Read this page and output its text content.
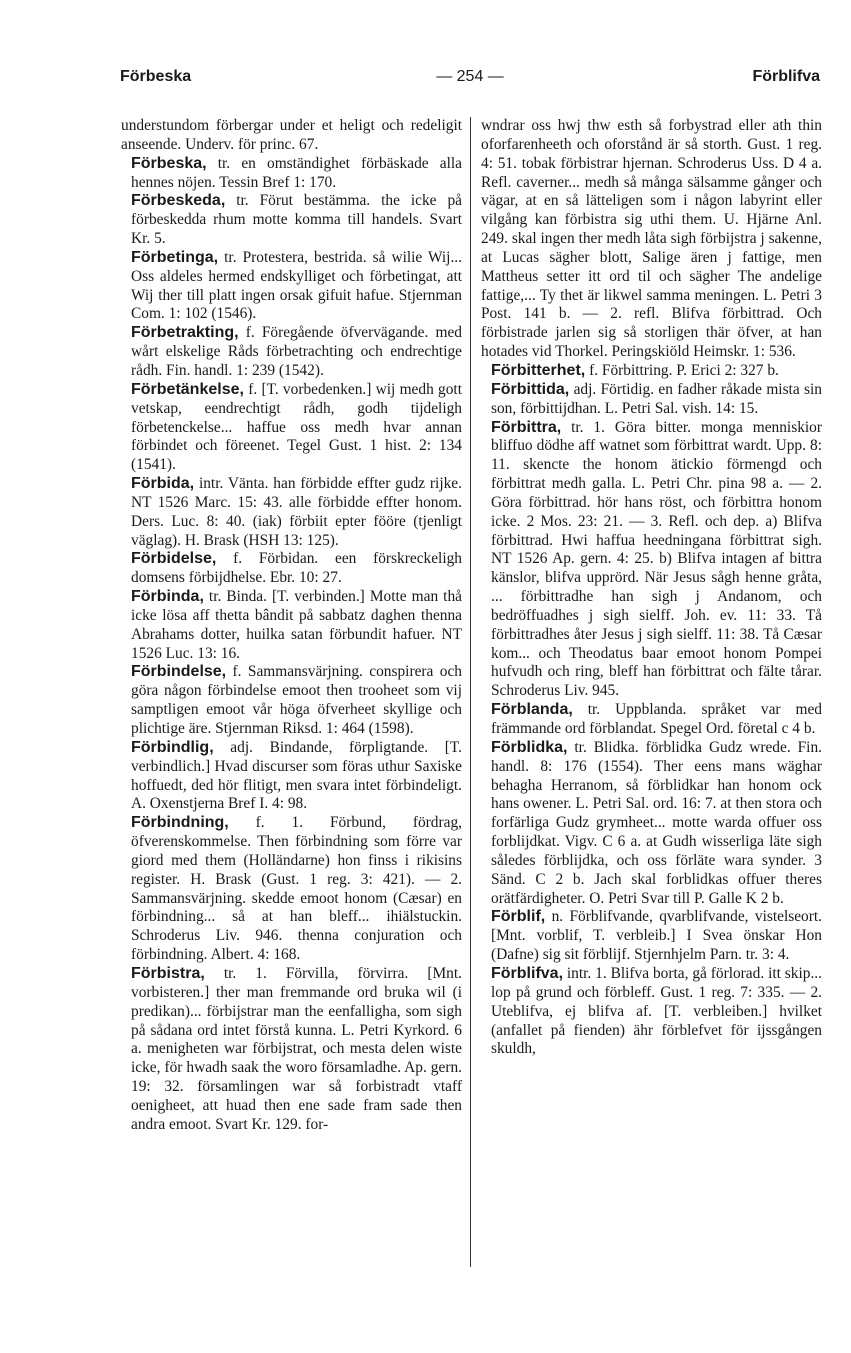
Förbeska	— 254 —	Förblifva

understundom förbergar under et heligt och redeligit anseende. Underv. för princ. 67.

Förbeska, tr. en omständighet förbäskade alla hennes nöjen. Tessin Bref 1: 170.

Förbeskeda, tr. Förut bestämma. the icke på förbeskedda rhum motte komma till handels. Svart Kr. 5.

Förbetinga, tr. Protestera, bestrida. så wilie Wij... Oss aldeles hermed endskylliget och förbetingat, att Wij ther till platt ingen orsak gifuit hafue. Stjernman Com. 1: 102 (1546).

Förbetrakting, f. Föregående öfvervägande. med wårt elskelige Råds förbetrachting och endrechtige rådh. Fin. handl. 1: 239 (1542).

Förbetänkelse, f. [T. vorbedenken.] wij medh gott vetskap, eendrechtigt rådh, godh tijdeligh förbetenckelse... haffue oss medh hvar annan förbindet och föreenet. Tegel Gust. 1 hist. 2: 134 (1541).

Förbida, intr. Vänta. han förbidde effter gudz rijke. NT 1526 Marc. 15: 43. alle förbidde effter honom. Ders. Luc. 8: 40. (iak) förbiit epter fööre (tjenligt väglag). H. Brask (HSH 13: 125).

Förbidelse, f. Förbidan. een förskreckeligh domsens förbijdhelse. Ebr. 10: 27.

Förbinda, tr. Binda. [T. verbinden.] Motte man thå icke lösa aff thetta bândit på sabbatz daghen thenna Abrahams dotter, huilka satan förbundit hafuer. NT 1526 Luc. 13: 16.

Förbindelse, f. Sammansvärjning. conspirera och göra någon förbindelse emoot then trooheet som vij samptligen emoot vår höga öfverheet skyllige och plichtige äre. Stjernman Riksd. 1: 464 (1598).

Förbindlig, adj. Bindande, förpligtande. [T. verbindlich.] Hvad discurser som föras uthur Saxiske hoffuedt, ded hör flitigt, men svara intet förbindeligt. A. Oxenstjerna Bref I. 4: 98.

Förbindning, f. 1. Förbund, fördrag, öfverenskommelse. Then förbindning som förre var giord med them (Holländarne) hon finss i rikisins register. H. Brask (Gust. 1 reg. 3: 421). — 2. Sammansvärjning. skedde emoot honom (Cæsar) en förbindning... så at han bleff... ihiälstuckin. Schroderus Liv. 946. thenna conjuration och förbindning. Albert. 4: 168.

Förbistra, tr. 1. Förvilla, förvirra. [Mnt. vorbisteren.] ther man fremmande ord bruka wil (i predikan)... förbijstrar man the eenfalligha, som sigh på sådana ord intet förstå kunna. L. Petri Kyrkord. 6 a. menigheten war förbijstrat, och mesta delen wiste icke, för hwadh saak the woro församladhe. Ap. gern. 19: 32. församlingen war så forbistradt vtaff oenigheet, att huad then ene sade fram sade then andra emoot. Svart Kr. 129. for-

wndrar oss hwj thw esth så forbystrad eller ath thin oforfarenheeth och oforstånd är så storth. Gust. 1 reg. 4: 51. tobak förbistrar hjernan. Schroderus Uss. D 4 a. Refl. caverner... medh så många sälsamme gånger och vägar, at en så lätteligen som i någon labyrint eller vilgång kan förbistra sig uthi them. U. Hjärne Anl. 249. skal ingen ther medh låta sigh förbijstra j sakenne, at Lucas sägher blott, Salige ären j fattige, men Mattheus setter itt ord til och sägher The andelige fattige,... Ty thet är likwel samma meningen. L. Petri 3 Post. 141 b. — 2. refl. Blifva förbittrad. Och förbistrade jarlen sig så storligen thär öfver, at han hotades vid Thorkel. Peringskiöld Heimskr. 1: 536.

Förbitterhet, f. Förbittring. P. Erici 2: 327 b.

Förbittida, adj. Förtidig. en fadher råkade mista sin son, förbittijdhan. L. Petri Sal. vish. 14: 15.

Förbittra, tr. 1. Göra bitter. monga menniskior bliffuo dödhe aff watnet som förbittrat wardt. Upp. 8: 11. skencte the honom ätickio förmengd och förbittrat medh galla. L. Petri Chr. pina 98 a. — 2. Göra förbittrad. hör hans röst, och förbittra honom icke. 2 Mos. 23: 21. — 3. Refl. och dep. a) Blifva förbittrad. Hwi haffua heedningana förbittrat sigh. NT 1526 Ap. gern. 4: 25. b) Blifva intagen af bittra känslor, blifva upprörd. När Jesus sågh henne gråta, ... förbittradhe han sigh j Andanom, och bedröffuadhes j sigh sielff. Joh. ev. 11: 33. Tå förbittradhes åter Jesus j sigh sielff. 11: 38. Tå Cæsar kom... och Theodatus baar emoot honom Pompei hufvudh och ring, bleff han förbittrat och fälte tårar. Schroderus Liv. 945.

Förblanda, tr. Uppblanda. språket var med främmande ord förblandat. Spegel Ord. företal c 4 b.

Förblidka, tr. Blidka. förblidka Gudz wrede. Fin. handl. 8: 176 (1554). Ther eens mans wäghar behagha Herranom, så förblidkar han honom ock hans owener. L. Petri Sal. ord. 16: 7. at then stora och forfärliga Gudz grymheet... motte warda offuer oss forblijdkat. Vigv. C 6 a. at Gudh wisserliga läte sigh således förblijdka, och oss förläte wara synder. 3 Sänd. C 2 b. Jach skal forblidkas offuer theres orätfärdigheter. O. Petri Svar till P. Galle K 2 b.

Förblif, n. Förblifvande, qvarblifvande, vistelseort. [Mnt. vorblif, T. verbleib.] I Svea önskar Hon (Dafne) sig sit förblijf. Stjernhjelm Parn. tr. 3: 4.

Förblifva, intr. 1. Blifva borta, gå förlorad. itt skip... lop på grund och förbleff. Gust. 1 reg. 7: 335. — 2. Uteblifva, ej blifva af. [T. verbleiben.] hvilket (anfallet på fienden) ähr förblefvet för ijssgången skuldh,
